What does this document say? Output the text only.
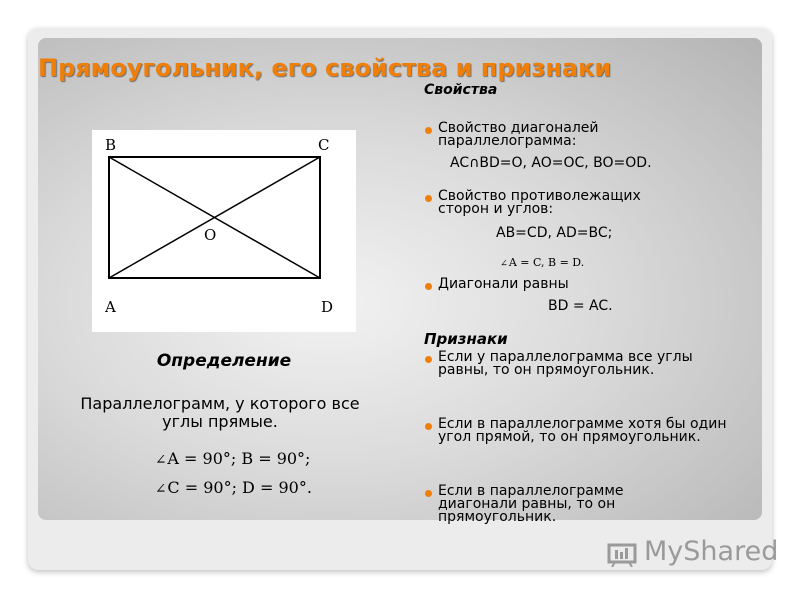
Прямоугольник, его свойства и признаки
B	C
A	D
O
Определение
Параллелограмм, у которого все углы прямые.
∠A = 90°; B = 90°;
∠C = 90°; D = 90°.
Свойства
Свойство диагоналей параллелограмма:
AC∩BD=O, AO=OC, BO=OD.
Свойство противолежащих сторон и углов:
AB=CD, AD=BC;
∠A = C, B = D.
Диагонали равны
BD = AC.
Признаки
Если у параллелограмма все углы равны, то он прямоугольник.
Если в параллелограмме хотя бы один угол прямой, то он прямоугольник.
Если в параллелограмме диагонали равны, то он прямоугольник.
MyShared
